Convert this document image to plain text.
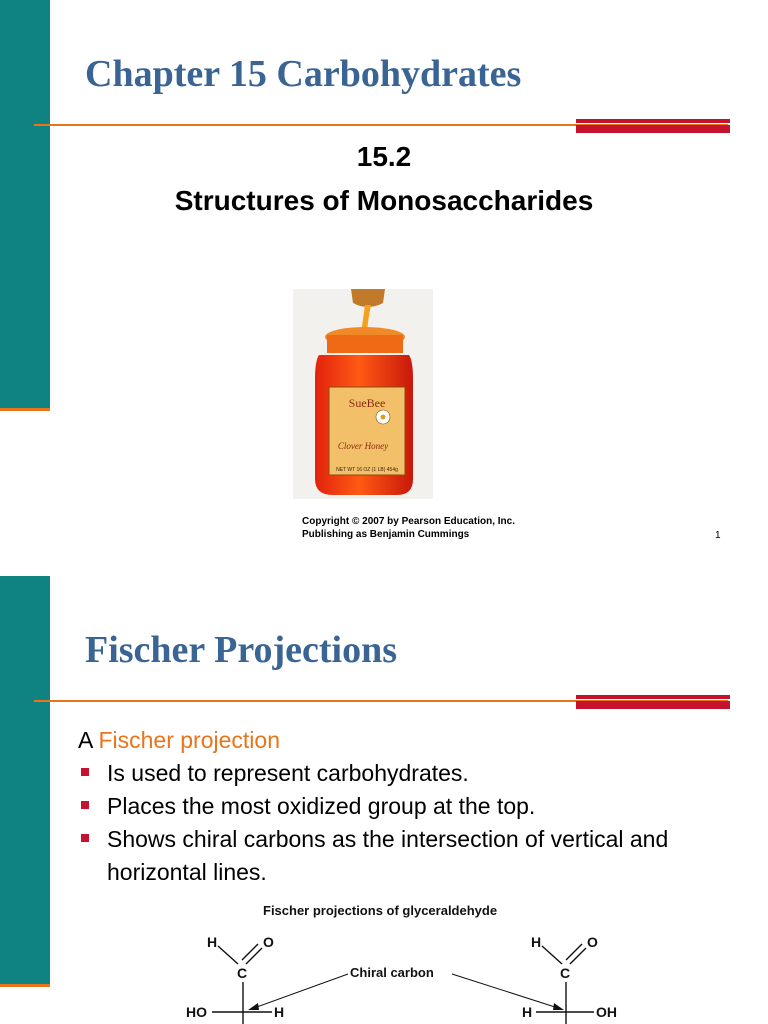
Chapter 15 Carbohydrates
15.2
Structures of Monosaccharides
SueBee
Clover Honey
NET WT 16 OZ (1 LB) 454g
Copyright © 2007 by Pearson Education, Inc.
Publishing as Benjamin Cummings	1
Fischer Projections
A Fischer projection
Is used to represent carbohydrates.
Places the most oxidized group at the top.
Shows chiral carbons as the intersection of vertical and horizontal lines.
Fischer projections of glyceraldehyde
H	O
C
HO	H
Chiral carbon
H	O
C
H	OH
